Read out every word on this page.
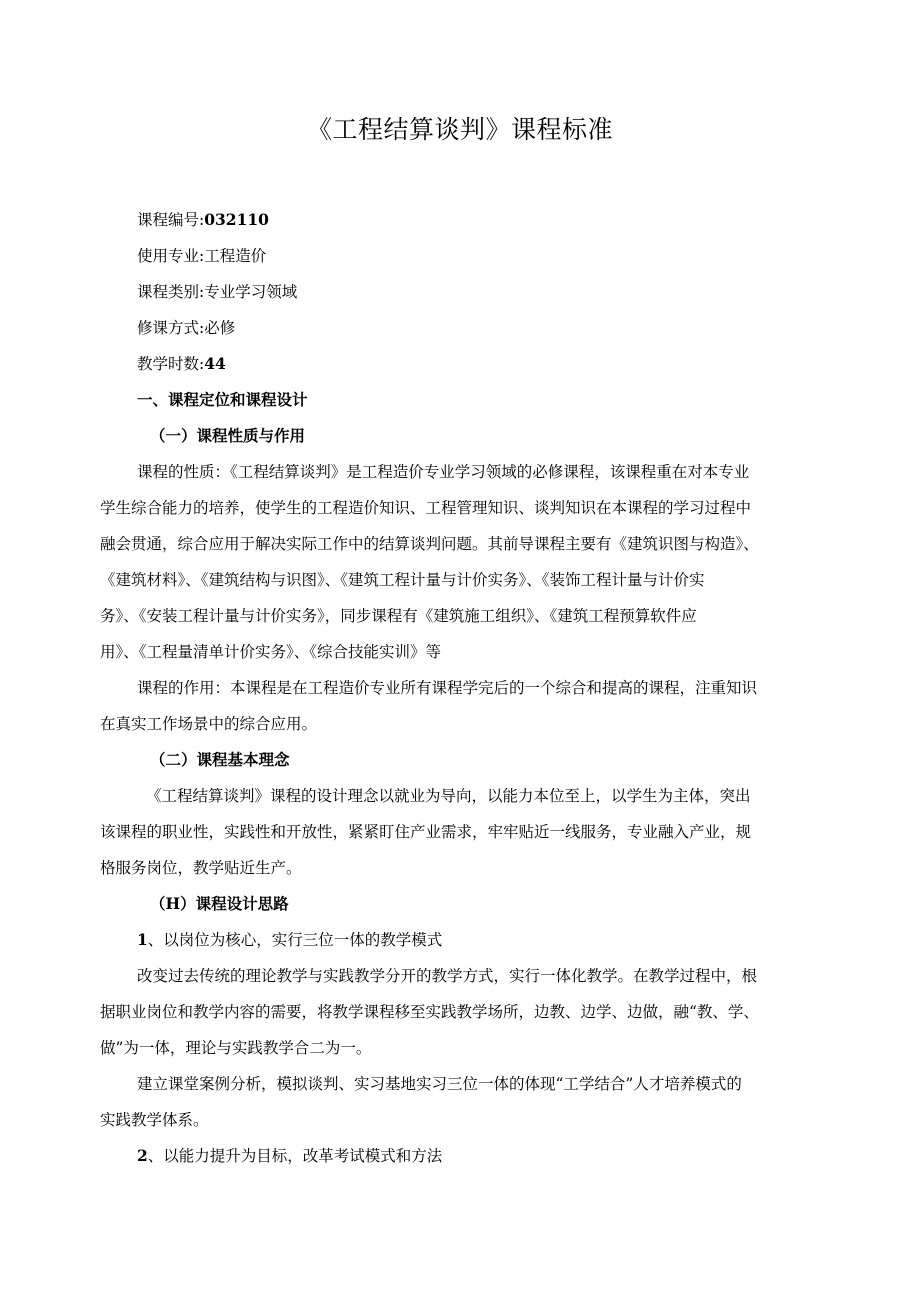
《工程结算谈判》课程标准
课程编号:032110
使用专业:工程造价
课程类别:专业学习领域
修课方式:必修
教学时数:44
一、课程定位和课程设计
（一）课程性质与作用
课程的性质：《工程结算谈判》是工程造价专业学习领域的必修课程，该课程重在对本专业
学生综合能力的培养，使学生的工程造价知识、工程管理知识、谈判知识在本课程的学习过程中
融会贯通，综合应用于解决实际工作中的结算谈判问题。其前导课程主要有《建筑识图与构造》、
《建筑材料》、《建筑结构与识图》、《建筑工程计量与计价实务》、《装饰工程计量与计价实
务》、《安装工程计量与计价实务》，同步课程有《建筑施工组织》、《建筑工程预算软件应
用》、《工程量清单计价实务》、《综合技能实训》等
课程的作用：本课程是在工程造价专业所有课程学完后的一个综合和提高的课程，注重知识
在真实工作场景中的综合应用。
（二）课程基本理念
《工程结算谈判》课程的设计理念以就业为导向，以能力本位至上，以学生为主体，突出
该课程的职业性，实践性和开放性，紧紧盯住产业需求，牢牢贴近一线服务，专业融入产业，规
格服务岗位，教学贴近生产。
（H）课程设计思路
1、以岗位为核心，实行三位一体的教学模式
改变过去传统的理论教学与实践教学分开的教学方式，实行一体化教学。在教学过程中，根
据职业岗位和教学内容的需要，将教学课程移至实践教学场所，边教、边学、边做，融“教、学、
做”为一体，理论与实践教学合二为一。
建立课堂案例分析，模拟谈判、实习基地实习三位一体的体现“工学结合”人才培养模式的
实践教学体系。
2、以能力提升为目标，改革考试模式和方法
